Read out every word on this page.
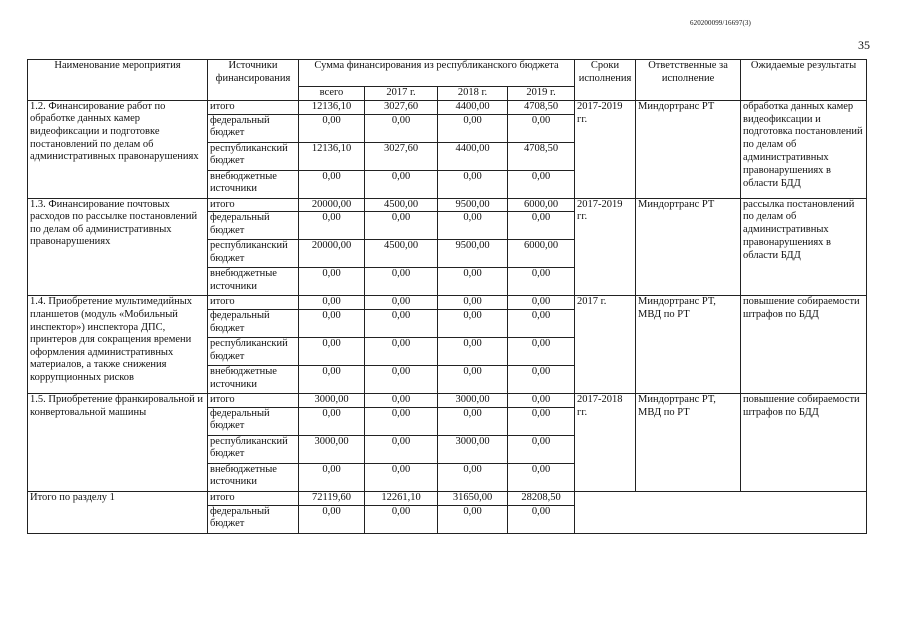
620200099/16697(3)
35
Наименование мероприятия	Источники финансирования	Сумма финансирования из республиканского бюджета				Сроки исполнения	Ответственные за исполнение	Ожидаемые результаты
		всего	2017 г.	2018 г.	2019 г.			
1.2. Финансирование работ по обработке данных камер видеофиксации и подготовке постановлений по делам об административных правонарушениях	итого	12136,10	3027,60	4400,00	4708,50	2017-2019 гг.	Миндортранс РТ	обработка данных камер видеофиксации и подготовка постановлений по делам об административных правонарушениях в области БДД
	федеральный бюджет	0,00	0,00	0,00	0,00			
	республиканский бюджет	12136,10	3027,60	4400,00	4708,50			
	внебюджетные источники	0,00	0,00	0,00	0,00			
1.3. Финансирование почтовых расходов по рассылке постановлений по делам об административных правонарушениях	итого	20000,00	4500,00	9500,00	6000,00	2017-2019 гг.	Миндортранс РТ	рассылка постановлений по делам об административных правонарушениях в области БДД
	федеральный бюджет	0,00	0,00	0,00	0,00			
	республиканский бюджет	20000,00	4500,00	9500,00	6000,00			
	внебюджетные источники	0,00	0,00	0,00	0,00			
1.4. Приобретение мультимедийных планшетов (модуль «Мобильный инспектор») инспектора ДПС, принтеров для сокращения времени оформления административных материалов, а также снижения коррупционных рисков	итого	0,00	0,00	0,00	0,00	2017 г.	Миндортранс РТ, МВД по РТ	повышение собираемости штрафов по БДД
	федеральный бюджет	0,00	0,00	0,00	0,00			
	республиканский бюджет	0,00	0,00	0,00	0,00			
	внебюджетные источники	0,00	0,00	0,00	0,00			
1.5. Приобретение франкировальной и конвертовальной машины	итого	3000,00	0,00	3000,00	0,00	2017-2018 гг.	Миндортранс РТ, МВД по РТ	повышение собираемости штрафов по БДД
	федеральный бюджет	0,00	0,00	0,00	0,00			
	республиканский бюджет	3000,00	0,00	3000,00	0,00			
	внебюджетные источники	0,00	0,00	0,00	0,00			
Итого по разделу 1	итого	72119,60	12261,10	31650,00	28208,50			
	федеральный бюджет	0,00	0,00	0,00	0,00			
